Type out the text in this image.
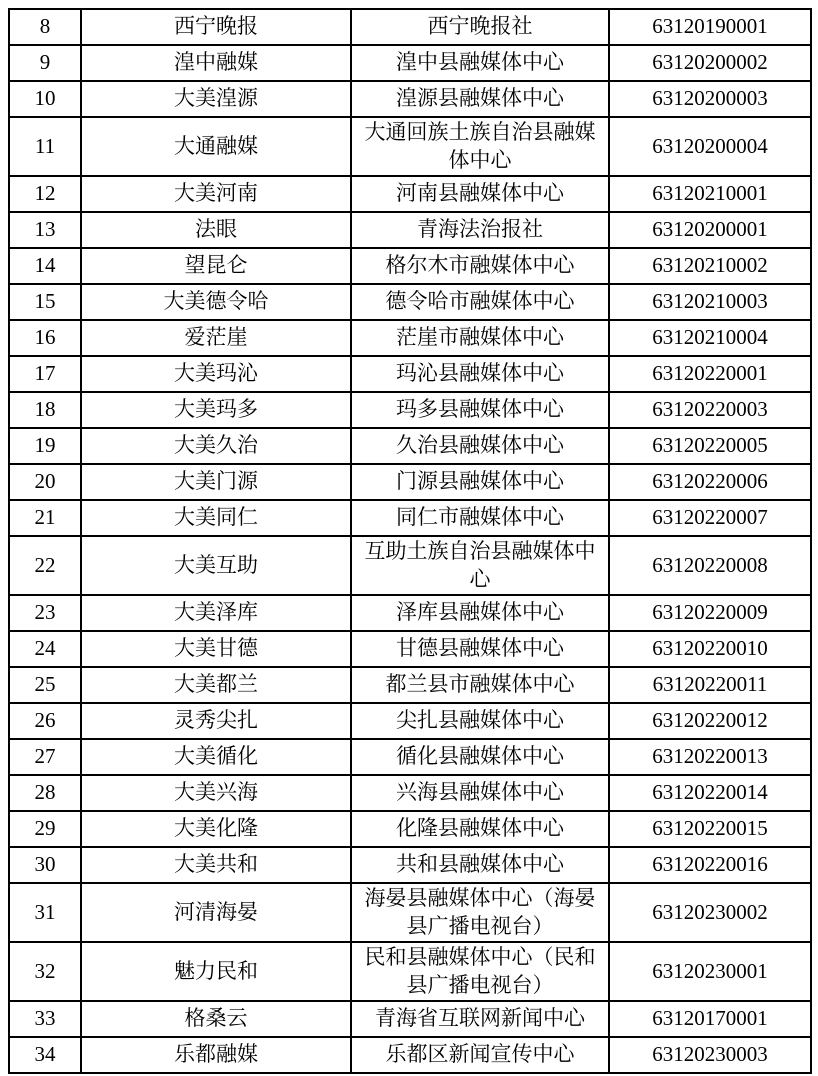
8	西宁晚报	西宁晚报社	63120190001
9	湟中融媒	湟中县融媒体中心	63120200002
10	大美湟源	湟源县融媒体中心	63120200003
11	大通融媒	大通回族土族自治县融媒体中心	63120200004
12	大美河南	河南县融媒体中心	63120210001
13	法眼	青海法治报社	63120200001
14	望昆仑	格尔木市融媒体中心	63120210002
15	大美德令哈	德令哈市融媒体中心	63120210003
16	爱茫崖	茫崖市融媒体中心	63120210004
17	大美玛沁	玛沁县融媒体中心	63120220001
18	大美玛多	玛多县融媒体中心	63120220003
19	大美久治	久治县融媒体中心	63120220005
20	大美门源	门源县融媒体中心	63120220006
21	大美同仁	同仁市融媒体中心	63120220007
22	大美互助	互助土族自治县融媒体中心	63120220008
23	大美泽库	泽库县融媒体中心	63120220009
24	大美甘德	甘德县融媒体中心	63120220010
25	大美都兰	都兰县市融媒体中心	63120220011
26	灵秀尖扎	尖扎县融媒体中心	63120220012
27	大美循化	循化县融媒体中心	63120220013
28	大美兴海	兴海县融媒体中心	63120220014
29	大美化隆	化隆县融媒体中心	63120220015
30	大美共和	共和县融媒体中心	63120220016
31	河清海晏	海晏县融媒体中心（海晏县广播电视台）	63120230002
32	魅力民和	民和县融媒体中心（民和县广播电视台）	63120230001
33	格桑云	青海省互联网新闻中心	63120170001
34	乐都融媒	乐都区新闻宣传中心	63120230003
